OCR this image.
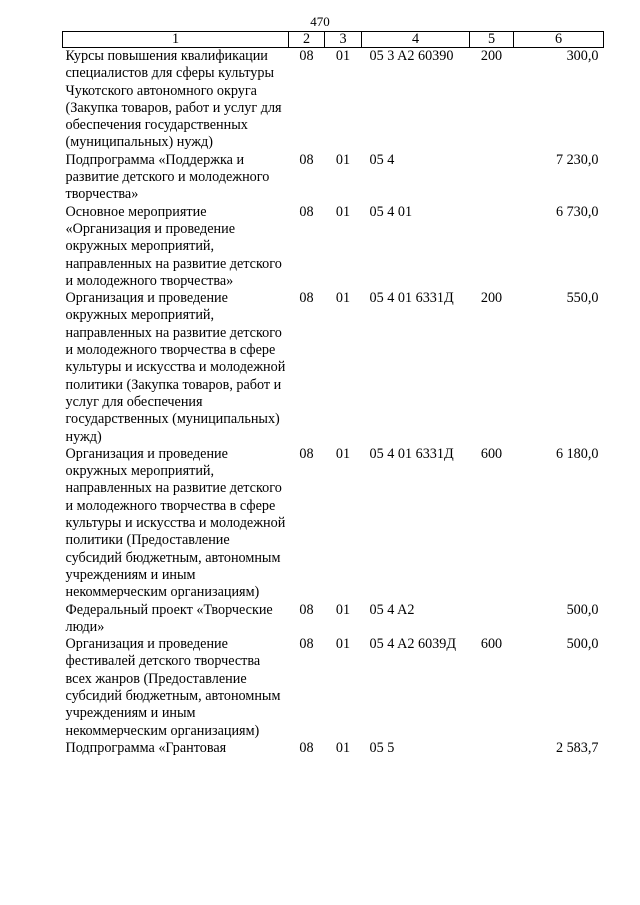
470
1	2	3	4	5	6
Курсы повышения квалификации специалистов для сферы культуры Чукотского автономного округа (Закупка товаров, работ и услуг для обеспечения государственных (муниципальных) нужд)	08	01	05 3 A2 60390	200	300,0
Подпрограмма «Поддержка и развитие детского и молодежного творчества»	08	01	05 4		7 230,0
Основное мероприятие «Организация и проведение окружных мероприятий, направленных на развитие детского и молодежного творчества»	08	01	05 4 01		6 730,0
Организация и проведение окружных мероприятий, направленных на развитие детского и молодежного творчества в сфере культуры и искусства и молодежной политики (Закупка товаров, работ и услуг для обеспечения государственных (муниципальных) нужд)	08	01	05 4 01 6331Д	200	550,0
Организация и проведение окружных мероприятий, направленных на развитие детского и молодежного творчества в сфере культуры и искусства и молодежной политики (Предоставление субсидий бюджетным, автономным учреждениям и иным некоммерческим организациям)	08	01	05 4 01 6331Д	600	6 180,0
Федеральный проект «Творческие люди»	08	01	05 4 A2		500,0
Организация и проведение фестивалей детского творчества всех жанров (Предоставление субсидий бюджетным, автономным учреждениям и иным некоммерческим организациям)	08	01	05 4 A2 6039Д	600	500,0
Подпрограмма «Грантовая	08	01	05 5		2 583,7
